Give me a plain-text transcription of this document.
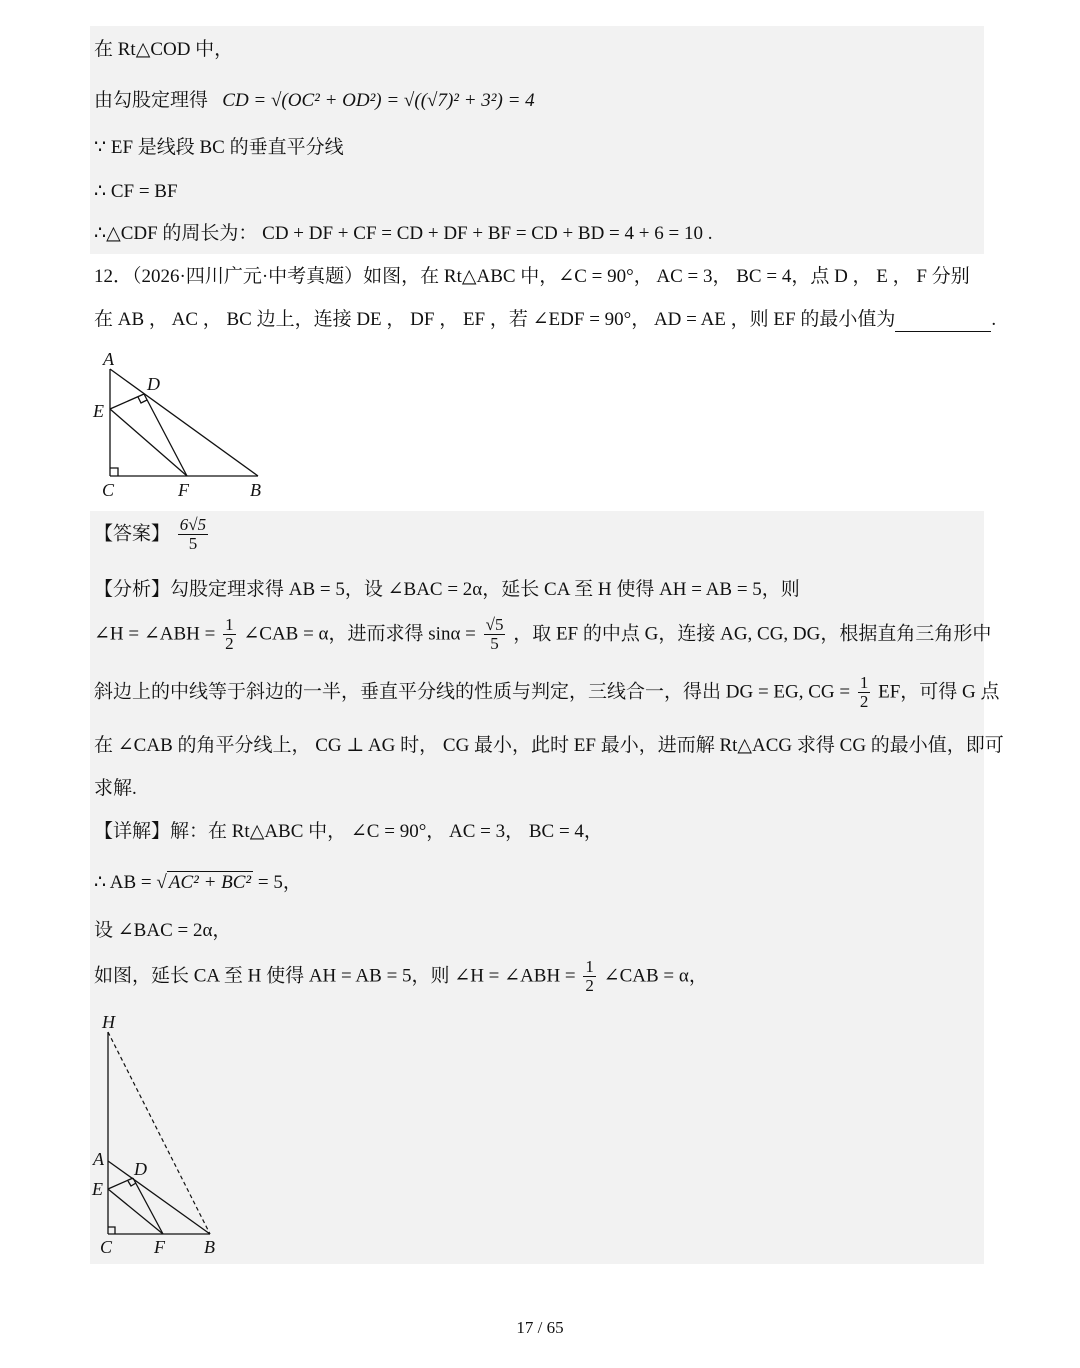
在 Rt△COD 中，
由勾股定理得 CD = √(OC² + OD²) = √((√7)² + 3²) = 4
∵ EF 是线段 BC 的垂直平分线
∴ CF = BF
∴△CDF 的周长为： CD + DF + CF = CD + DF + BF = CD + BD = 4 + 6 = 10 .
12．（2026·四川广元·中考真题）如图，在 Rt△ABC 中，∠C = 90°， AC = 3， BC = 4，点 D ， E ， F 分别
在 AB ， AC ， BC 边上，连接 DE ， DF ， EF ，若 ∠EDF = 90°， AD = AE ，则 EF 的最小值为	.
A
D
E
C	F	B
【答案】 $\frac{6√5}{5}$
【分析】勾股定理求得 AB = 5，设 ∠BAC = 2α，延长 CA 至 H 使得 AH = AB = 5，则
∠H = ∠ABH = $\frac{1}{2}$ ∠CAB = α，进而求得 $\sin\alpha = \frac{√5}{5}$ ，取 EF 的中点 G，连接 AG, CG, DG，根据直角三角形中
斜边上的中线等于斜边的一半，垂直平分线的性质与判定，三线合一，得出 DG = EG, CG = $\frac{1}{2}$ EF，可得 G 点
在 ∠CAB 的角平分线上， CG ⊥ AG 时， CG 最小，此时 EF 最小，进而解 Rt△ACG 求得 CG 的最小值，即可
求解.
【详解】解：在 Rt△ABC 中， ∠C = 90°， AC = 3， BC = 4，
∴ AB = √ AC² + BC² = 5，
设 ∠BAC = 2α，
如图，延长 CA 至 H 使得 AH = AB = 5，则 ∠H = ∠ABH = $\frac{1}{2}$ ∠CAB = α，
H
A D
E
C F B
17 / 65
